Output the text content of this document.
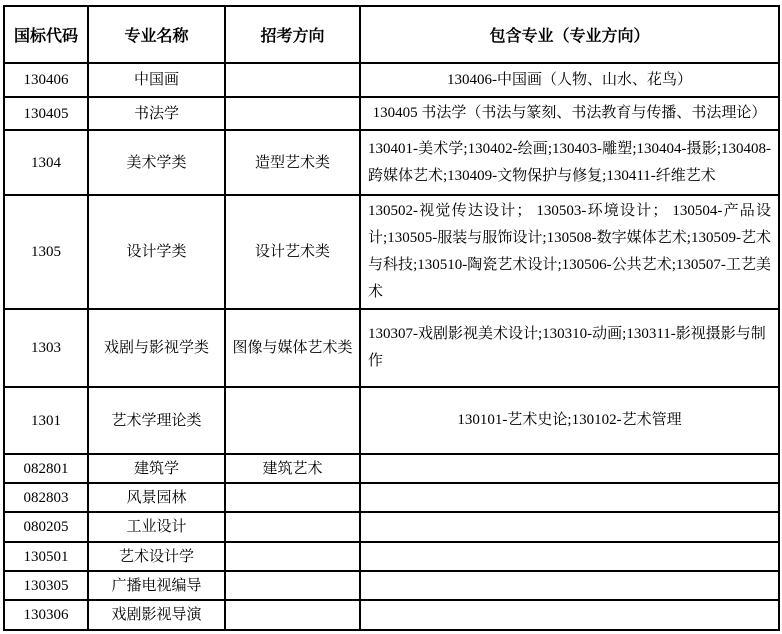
国标代码	专业名称	招考方向	包含专业（专业方向）
130406	中国画		130406-中国画（人物、山水、花鸟）
130405	书法学		130405 书法学（书法与篆刻、书法教育与传播、书法理论）
1304	美术学类	造型艺术类	130401-美术学;130402-绘画;130403-雕塑;130404-摄影;130408-跨媒体艺术;130409-文物保护与修复;130411-纤维艺术
1305	设计学类	设计艺术类	130502-视觉传达设计； 130503-环境设计； 130504-产品设计;130505-服装与服饰设计;130508-数字媒体艺术;130509-艺术与科技;130510-陶瓷艺术设计;130506-公共艺术;130507-工艺美术
1303	戏剧与影视学类	图像与媒体艺术类	130307-戏剧影视美术设计;130310-动画;130311-影视摄影与制作
1301	艺术学理论类		130101-艺术史论;130102-艺术管理
082801	建筑学	建筑艺术	
082803	风景园林		
080205	工业设计		
130501	艺术设计学		
130305	广播电视编导		
130306	戏剧影视导演		
